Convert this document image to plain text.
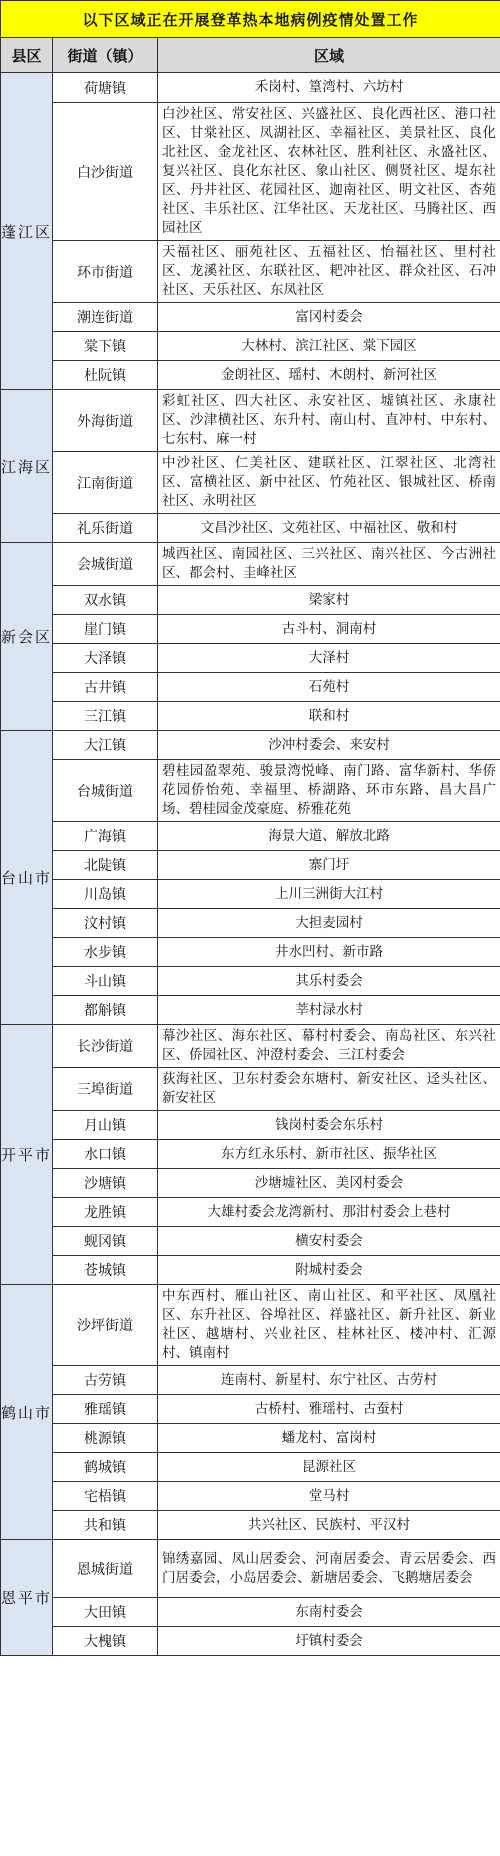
以下区域正在开展登革热本地病例疫情处置工作		
县区	街道（镇）	区域
蓬江区	荷塘镇	禾岗村、篁湾村、六坊村
	白沙街道	白沙社区、常安社区、兴盛社区、良化西社区、港口社区、甘棠社区、凤湖社区、幸福社区、美景社区、良化北社区、金龙社区、农林社区、胜利社区、永盛社区、复兴社区、良化东社区、象山社区、侧贤社区、堤东社区、丹井社区、花园社区、迦南社区、明文社区、杏苑社区、丰乐社区、江华社区、天龙社区、马腾社区、西园社区
	环市街道	天福社区、丽苑社区、五福社区、怡福社区、里村社区、龙溪社区、东联社区、耙冲社区、群众社区、石冲社区、天乐社区、东凤社区
	潮连街道	富冈村委会
	棠下镇	大林村、滨江社区、棠下园区
	杜阮镇	金朗社区、瑶村、木朗村、新河社区
江海区	外海街道	彩虹社区、四大社区、永安社区、墟镇社区、永康社区、沙津横社区、东升村、南山村、直冲村、中东村、七东村、麻一村
	江南街道	中沙社区、仁美社区、建联社区、江翠社区、北湾社区、富横社区、新中社区、竹苑社区、银城社区、桥南社区、永明社区
	礼乐街道	文昌沙社区、文苑社区、中福社区、敬和村
新会区	会城街道	城西社区、南园社区、三兴社区、南兴社区、今古洲社区、都会村、圭峰社区
	双水镇	梁家村
	崖门镇	古斗村、洞南村
	大泽镇	大泽村
	古井镇	石苑村
	三江镇	联和村
台山市	大江镇	沙冲村委会、来安村
	台城街道	碧桂园盈翠苑、骏景湾悦峰、南门路、富华新村、华侨花园侨怡苑、幸福里、桥湖路、环市东路、昌大昌广场、碧桂园金茂豪庭、桥雅花苑
	广海镇	海景大道、解放北路
	北陡镇	寨门圩
	川岛镇	上川三洲街大江村
	汶村镇	大担麦园村
	水步镇	井水凹村、新市路
	斗山镇	其乐村委会
	都斛镇	莘村渌水村
开平市	长沙街道	幕沙社区、海东社区、幕村村委会、南岛社区、东兴社区、侨园社区、沖澄村委会、三江村委会
	三埠街道	荻海社区、卫东村委会东塘村、新安社区、迳头社区、新安社区
	月山镇	钱岗村委会东乐村
	水口镇	东方红永乐村、新市社区、振华社区
	沙塘镇	沙塘墟社区、美冈村委会
	龙胜镇	大雄村委会龙湾新村、那泔村委会上巷村
	蚬冈镇	横安村委会
	苍城镇	附城村委会
鹤山市	沙坪街道	中东西村、雁山社区、南山社区、和平社区、凤凰社区、东升社区、谷埠社区、祥盛社区、新升社区、新业社区、越塘村、兴业社区、桂林社区、楼冲村、汇源村、镇南村
	古劳镇	连南村、新星村、东宁社区、古劳村
	雅瑶镇	古桥村、雅瑶村、古蚕村
	桃源镇	蟠龙村、富岗村
	鹤城镇	昆源社区
	宅梧镇	堂马村
	共和镇	共兴社区、民族村、平汉村
恩平市	恩城街道	锦绣嘉园、凤山居委会、河南居委会、青云居委会、西门居委会，小岛居委会、新塘居委会、飞鹅塘居委会
	大田镇	东南村委会
	大槐镇	圩镇村委会
